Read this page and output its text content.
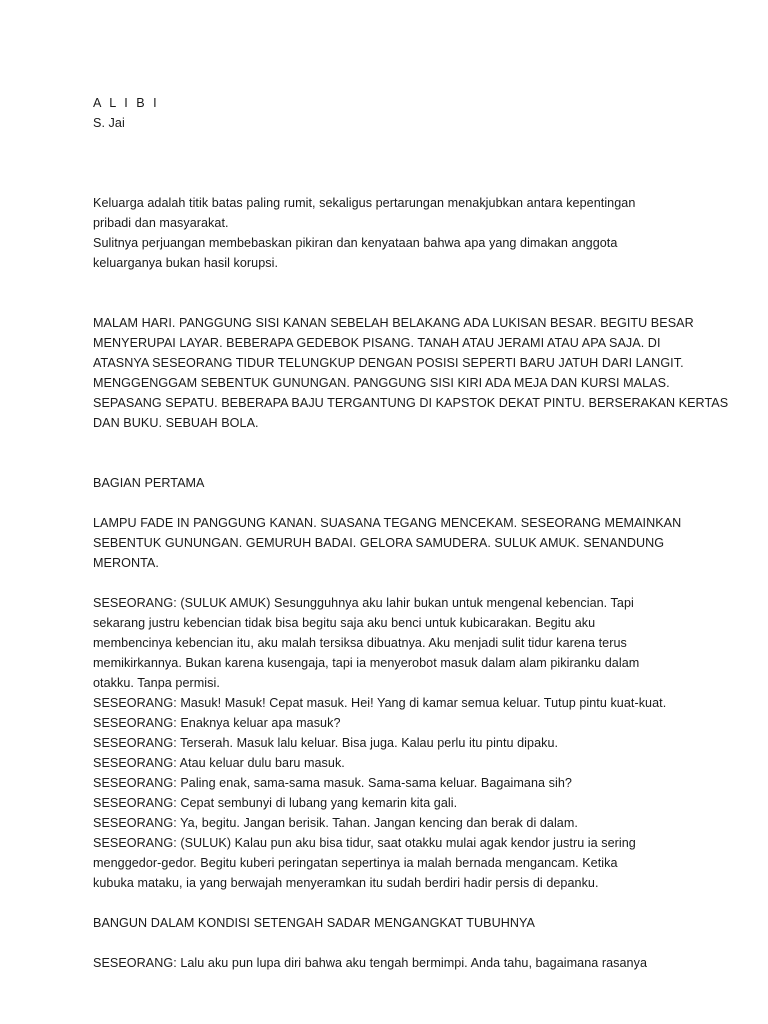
A L I B I
S. Jai
Keluarga adalah titik batas paling rumit, sekaligus pertarungan menakjubkan antara kepentingan
pribadi dan masyarakat.
Sulitnya perjuangan membebaskan pikiran dan kenyataan bahwa apa yang dimakan anggota
keluarganya bukan hasil korupsi.
MALAM HARI. PANGGUNG SISI KANAN SEBELAH BELAKANG ADA LUKISAN BESAR. BEGITU BESAR
MENYERUPAI LAYAR. BEBERAPA GEDEBOK PISANG. TANAH ATAU JERAMI ATAU APA SAJA. DI
ATASNYA SESEORANG TIDUR TELUNGKUP DENGAN POSISI SEPERTI BARU JATUH DARI LANGIT.
MENGGENGGAM SEBENTUK GUNUNGAN. PANGGUNG SISI KIRI ADA MEJA DAN KURSI MALAS.
SEPASANG SEPATU. BEBERAPA BAJU TERGANTUNG DI KAPSTOK DEKAT PINTU. BERSERAKAN KERTAS
DAN BUKU. SEBUAH BOLA.
BAGIAN PERTAMA
LAMPU FADE IN PANGGUNG KANAN. SUASANA TEGANG MENCEKAM. SESEORANG MEMAINKAN
SEBENTUK GUNUNGAN. GEMURUH BADAI. GELORA SAMUDERA. SULUK AMUK. SENANDUNG
MERONTA.
SESEORANG: (SULUK AMUK) Sesungguhnya aku lahir bukan untuk mengenal kebencian. Tapi
sekarang justru kebencian tidak bisa begitu saja aku benci untuk kubicarakan. Begitu aku
membencinya kebencian itu, aku malah tersiksa dibuatnya. Aku menjadi sulit tidur karena terus
memikirkannya. Bukan karena kusengaja, tapi ia menyerobot masuk dalam alam pikiranku dalam
otakku. Tanpa permisi.
SESEORANG: Masuk! Masuk! Cepat masuk. Hei! Yang di kamar semua keluar. Tutup pintu kuat-kuat.
SESEORANG: Enaknya keluar apa masuk?
SESEORANG: Terserah. Masuk lalu keluar. Bisa juga. Kalau perlu itu pintu dipaku.
SESEORANG: Atau keluar dulu baru masuk.
SESEORANG: Paling enak, sama-sama masuk. Sama-sama keluar. Bagaimana sih?
SESEORANG: Cepat sembunyi di lubang yang kemarin kita gali.
SESEORANG: Ya, begitu. Jangan berisik. Tahan. Jangan kencing dan berak di dalam.
SESEORANG: (SULUK) Kalau pun aku bisa tidur, saat otakku mulai agak kendor justru ia sering
menggedor-gedor. Begitu kuberi peringatan sepertinya ia malah bernada mengancam. Ketika
kubuka mataku, ia yang berwajah menyeramkan itu sudah berdiri hadir persis di depanku.
BANGUN DALAM KONDISI SETENGAH SADAR MENGANGKAT TUBUHNYA
SESEORANG: Lalu aku pun lupa diri bahwa aku tengah bermimpi. Anda tahu, bagaimana rasanya
